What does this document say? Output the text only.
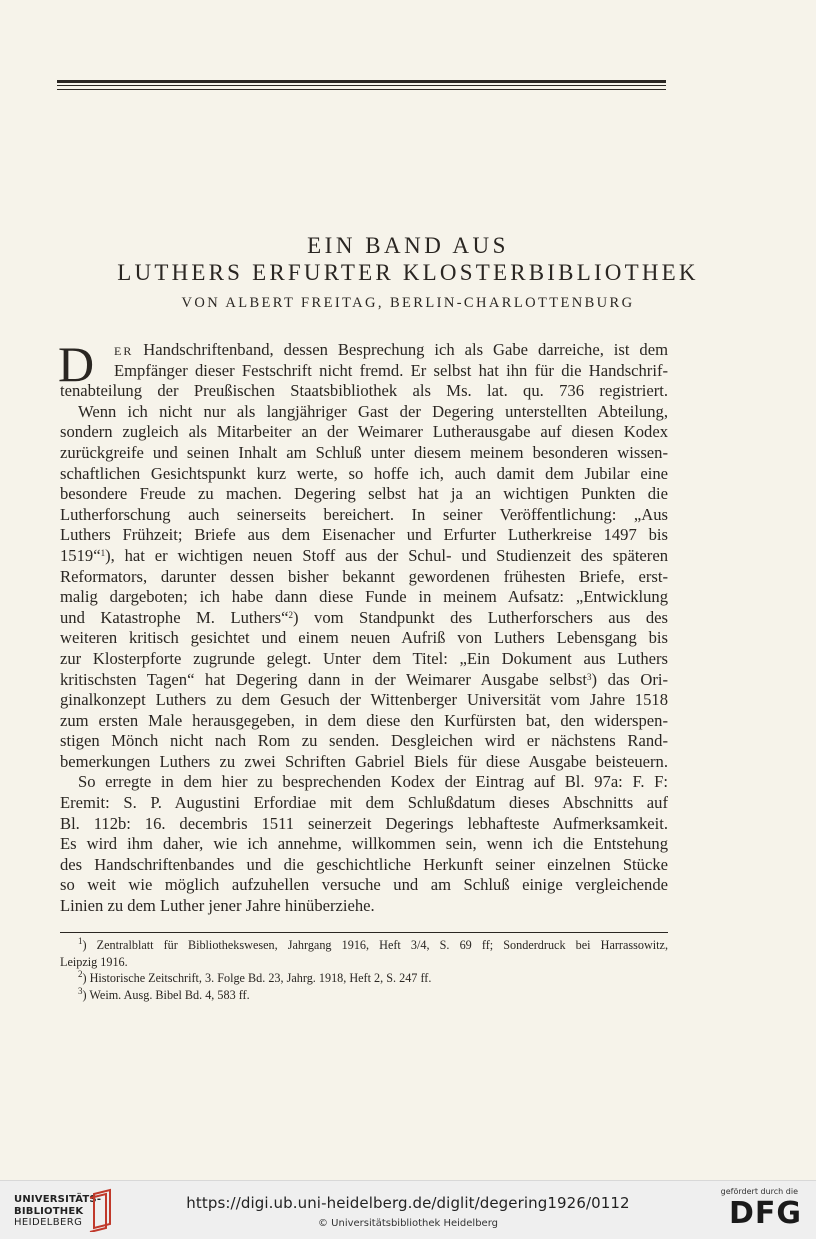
EIN BAND AUS
LUTHERS ERFURTER KLOSTERBIBLIOTHEK
VON ALBERT FREITAG, BERLIN-CHARLOTTENBURG
D	ER Handschriftenband, dessen Besprechung ich als Gabe darreiche, ist dem
Empfänger dieser Festschrift nicht fremd. Er selbst hat ihn für die Handschrif-
tenabteilung der Preußischen Staatsbibliothek als Ms. lat. qu. 736 registriert.
Wenn ich nicht nur als langjähriger Gast der Degering unterstellten Abteilung,
sondern zugleich als Mitarbeiter an der Weimarer Lutherausgabe auf diesen Kodex
zurückgreife und seinen Inhalt am Schluß unter diesem meinem besonderen wissen-
schaftlichen Gesichtspunkt kurz werte, so hoffe ich, auch damit dem Jubilar eine
besondere Freude zu machen. Degering selbst hat ja an wichtigen Punkten die
Lutherforschung auch seinerseits bereichert. In seiner Veröffentlichung: „Aus
Luthers Frühzeit; Briefe aus dem Eisenacher und Erfurter Lutherkreise 1497 bis
1519“$^1$), hat er wichtigen neuen Stoff aus der Schul- und Studienzeit des späteren
Reformators, darunter dessen bisher bekannt gewordenen frühesten Briefe, erst-
malig dargeboten; ich habe dann diese Funde in meinem Aufsatz: „Entwicklung
und Katastrophe M. Luthers“$^2$) vom Standpunkt des Lutherforschers aus des
weiteren kritisch gesichtet und einem neuen Aufriß von Luthers Lebensgang bis
zur Klosterpforte zugrunde gelegt. Unter dem Titel: „Ein Dokument aus Luthers
kritischsten Tagen“ hat Degering dann in der Weimarer Ausgabe selbst$^3$) das Ori-
ginalkonzept Luthers zu dem Gesuch der Wittenberger Universität vom Jahre 1518
zum ersten Male herausgegeben, in dem diese den Kurfürsten bat, den widerspen-
stigen Mönch nicht nach Rom zu senden. Desgleichen wird er nächstens Rand-
bemerkungen Luthers zu zwei Schriften Gabriel Biels für diese Ausgabe beisteuern.
So erregte in dem hier zu besprechenden Kodex der Eintrag auf Bl. 97a: F. F:
Eremit: S. P. Augustini Erfordiae mit dem Schlußdatum dieses Abschnitts auf
Bl. 112b: 16. decembris 1511 seinerzeit Degerings lebhafteste Aufmerksamkeit.
Es wird ihm daher, wie ich annehme, willkommen sein, wenn ich die Entstehung
des Handschriftenbandes und die geschichtliche Herkunft seiner einzelnen Stücke
so weit wie möglich aufzuhellen versuche und am Schluß einige vergleichende
Linien zu dem Luther jener Jahre hinüberziehe.
$^1$) Zentralblatt für Bibliothekswesen, Jahrgang 1916, Heft 3/4, S. 69 ff; Sonderdruck bei Harrassowitz,
Leipzig 1916.
$^2$) Historische Zeitschrift, 3. Folge Bd. 23, Jahrg. 1918, Heft 2, S. 247 ff.
$^3$) Weim. Ausg. Bibel Bd. 4, 583 ff.
UNIVERSITÄTS-
BIBLIOTHEK
HEIDELBERG
https://digi.ub.uni-heidelberg.de/diglit/degering1926/0112
© Universitätsbibliothek Heidelberg
gefördert durch die
DFG
